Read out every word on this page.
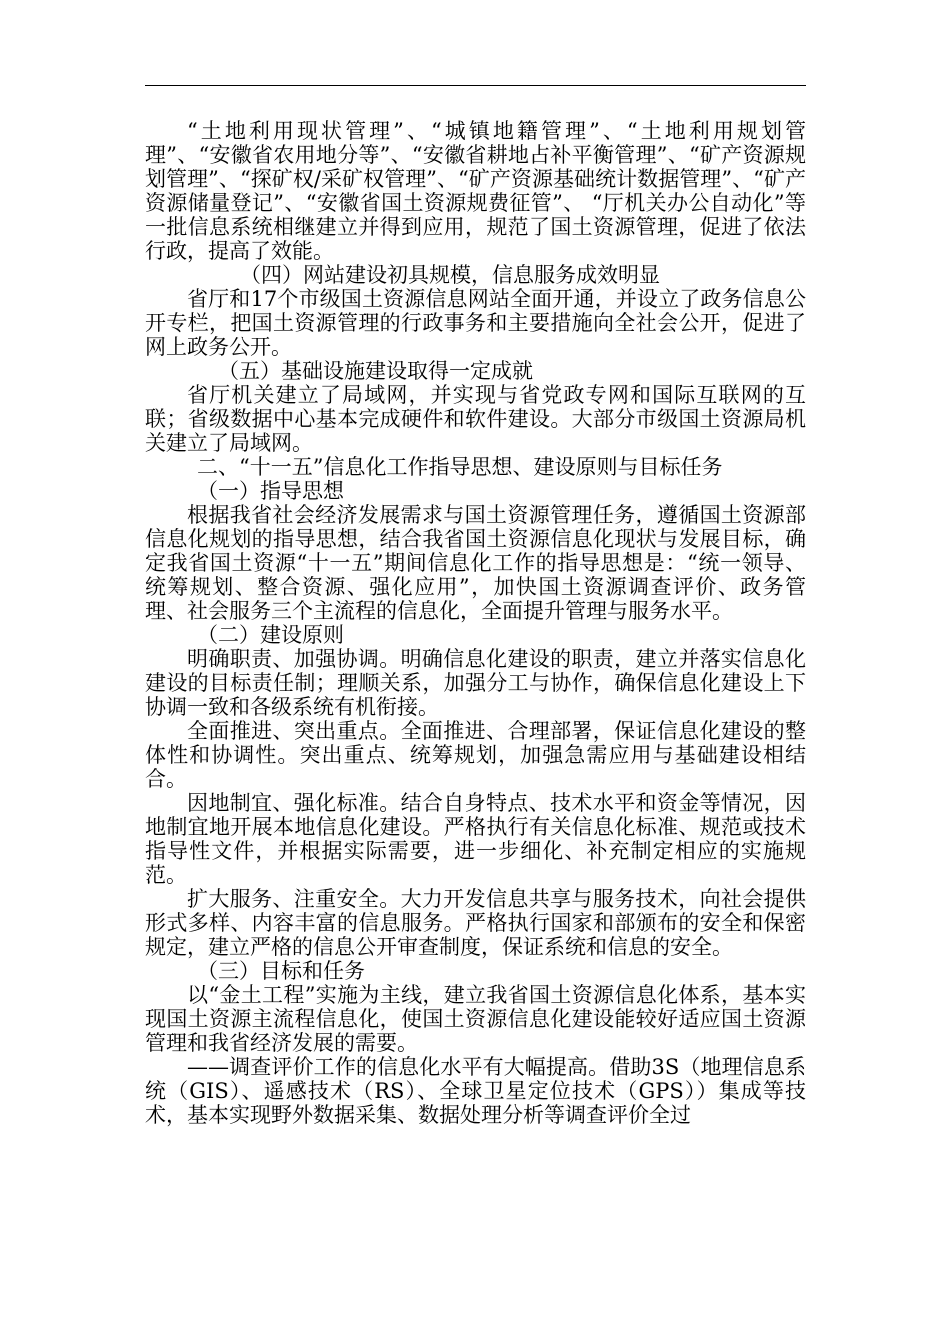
“土地利用现状管理”、“城镇地籍管理”、“土地利用规划管理”、“安徽省农用地分等”、“安徽省耕地占补平衡管理”、“矿产资源规划管理”、“探矿权/采矿权管理”、“矿产资源基础统计数据管理”、“矿产资源储量登记”、“安徽省国土资源规费征管”、 “厅机关办公自动化”等一批信息系统相继建立并得到应用，规范了国土资源管理，促进了依法行政，提高了效能。

（四）网站建设初具规模，信息服务成效明显

省厅和17个市级国土资源信息网站全面开通，并设立了政务信息公开专栏，把国土资源管理的行政事务和主要措施向全社会公开，促进了网上政务公开。

（五）基础设施建设取得一定成就

省厅机关建立了局域网，并实现与省党政专网和国际互联网的互联；省级数据中心基本完成硬件和软件建设。大部分市级国土资源局机关建立了局域网。

二、“十一五”信息化工作指导思想、建设原则与目标任务

（一）指导思想

根据我省社会经济发展需求与国土资源管理任务，遵循国土资源部信息化规划的指导思想，结合我省国土资源信息化现状与发展目标，确定我省国土资源“十一五”期间信息化工作的指导思想是：“统一领导、统筹规划、整合资源、强化应用”，加快国土资源调查评价、政务管理、社会服务三个主流程的信息化，全面提升管理与服务水平。

（二）建设原则

明确职责、加强协调。明确信息化建设的职责，建立并落实信息化建设的目标责任制；理顺关系，加强分工与协作，确保信息化建设上下协调一致和各级系统有机衔接。

全面推进、突出重点。全面推进、合理部署，保证信息化建设的整体性和协调性。突出重点、统筹规划，加强急需应用与基础建设相结合。

因地制宜、强化标准。结合自身特点、技术水平和资金等情况，因地制宜地开展本地信息化建设。严格执行有关信息化标准、规范或技术指导性文件，并根据实际需要，进一步细化、补充制定相应的实施规范。

扩大服务、注重安全。大力开发信息共享与服务技术，向社会提供形式多样、内容丰富的信息服务。严格执行国家和部颁布的安全和保密规定，建立严格的信息公开审查制度，保证系统和信息的安全。

（三）目标和任务

以“金土工程”实施为主线，建立我省国土资源信息化体系，基本实现国土资源主流程信息化，使国土资源信息化建设能较好适应国土资源管理和我省经济发展的需要。

——调查评价工作的信息化水平有大幅提高。借助3S（地理信息系统（GIS）、遥感技术（RS）、全球卫星定位技术（GPS））集成等技术，基本实现野外数据采集、数据处理分析等调查评价全过
